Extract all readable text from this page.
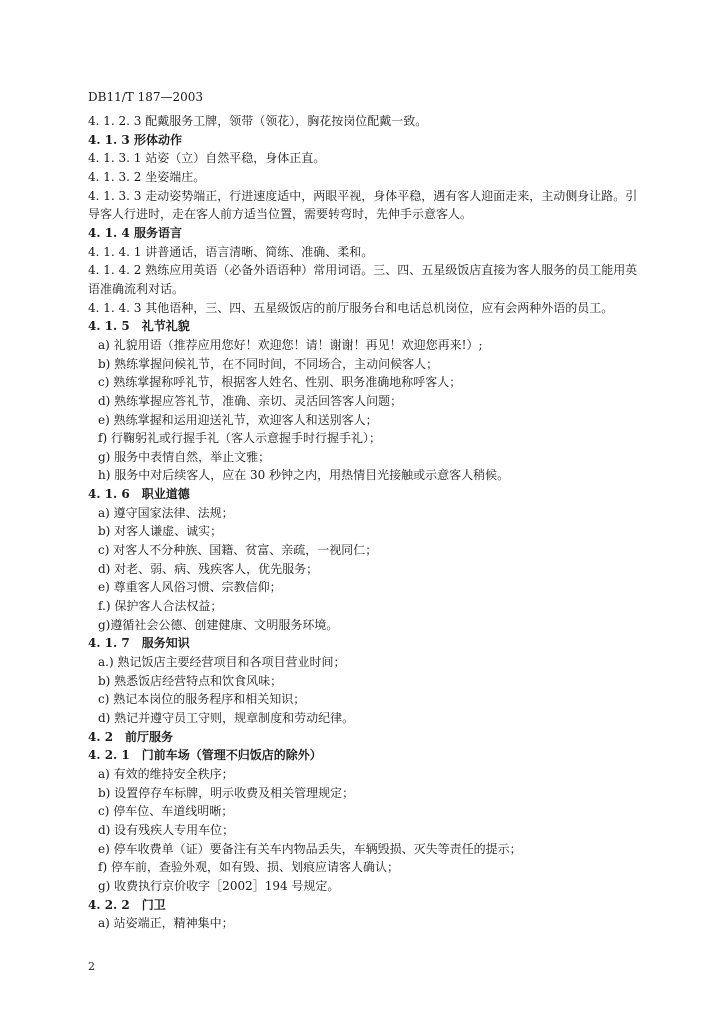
DB11/T 187—2003
4. 1. 2. 3 配戴服务工牌，领带（领花），胸花按岗位配戴一致。
4. 1. 3 形体动作
4. 1. 3. 1 站姿（立）自然平稳，身体正直。
4. 1. 3. 2 坐姿端庄。
4. 1. 3. 3 走动姿势端正，行进速度适中，两眼平视，身体平稳，遇有客人迎面走来，主动侧身让路。引
导客人行进时，走在客人前方适当位置，需要转弯时，先伸手示意客人。
4. 1. 4 服务语言
4. 1. 4. 1 讲普通话，语言清晰、简练、准确、柔和。
4. 1. 4. 2 熟练应用英语（必备外语语种）常用词语。三、四、五星级饭店直接为客人服务的员工能用英
语准确流利对话。
4. 1. 4. 3 其他语种，三、四、五星级饭店的前厅服务台和电话总机岗位，应有会两种外语的员工。
4. 1. 5　礼节礼貌
a) 礼貌用语（推荐应用您好！欢迎您！请！谢谢！再见！欢迎您再来!）;
b) 熟练掌握问候礼节，在不同时间，不同场合，主动问候客人；
c) 熟练掌握称呼礼节，根据客人姓名、性别、职务准确地称呼客人；
d) 熟练掌握应答礼节，准确、亲切、灵活回答客人问题；
e) 熟练掌握和运用迎送礼节，欢迎客人和送别客人；
f) 行鞠躬礼或行握手礼（客人示意握手时行握手礼）；
g) 服务中表情自然，举止文雅；
h) 服务中对后续客人，应在 30 秒钟之内，用热情目光接触或示意客人稍候。
4. 1. 6　职业道德
a) 遵守国家法律、法规；
b) 对客人谦虚、诚实；
c) 对客人不分种族、国籍、贫富、亲疏，一视同仁；
d) 对老、弱、病、残疾客人，优先服务；
e) 尊重客人风俗习惯、宗教信仰；
f.) 保护客人合法权益；
g)遵循社会公德、创建健康、文明服务环境。
4. 1. 7　服务知识
a.) 熟记饭店主要经营项目和各项目营业时间；
b) 熟悉饭店经营特点和饮食风味；
c) 熟记本岗位的服务程序和相关知识；
d) 熟记并遵守员工守则，规章制度和劳动纪律。
4. 2　前厅服务
4. 2. 1　门前车场（管理不归饭店的除外）
a) 有效的维持安全秩序；
b) 设置停存车标牌，明示收费及相关管理规定；
c) 停车位、车道线明晰；
d) 设有残疾人专用车位；
e) 停车收费单（证）要备注有关车内物品丢失，车辆毁损、灭失等责任的提示；
f) 停车前，查验外观，如有毁、损、划痕应请客人确认；
g) 收费执行京价收字［2002］194 号规定。
4. 2. 2　门卫
a) 站姿端正，精神集中；
2
